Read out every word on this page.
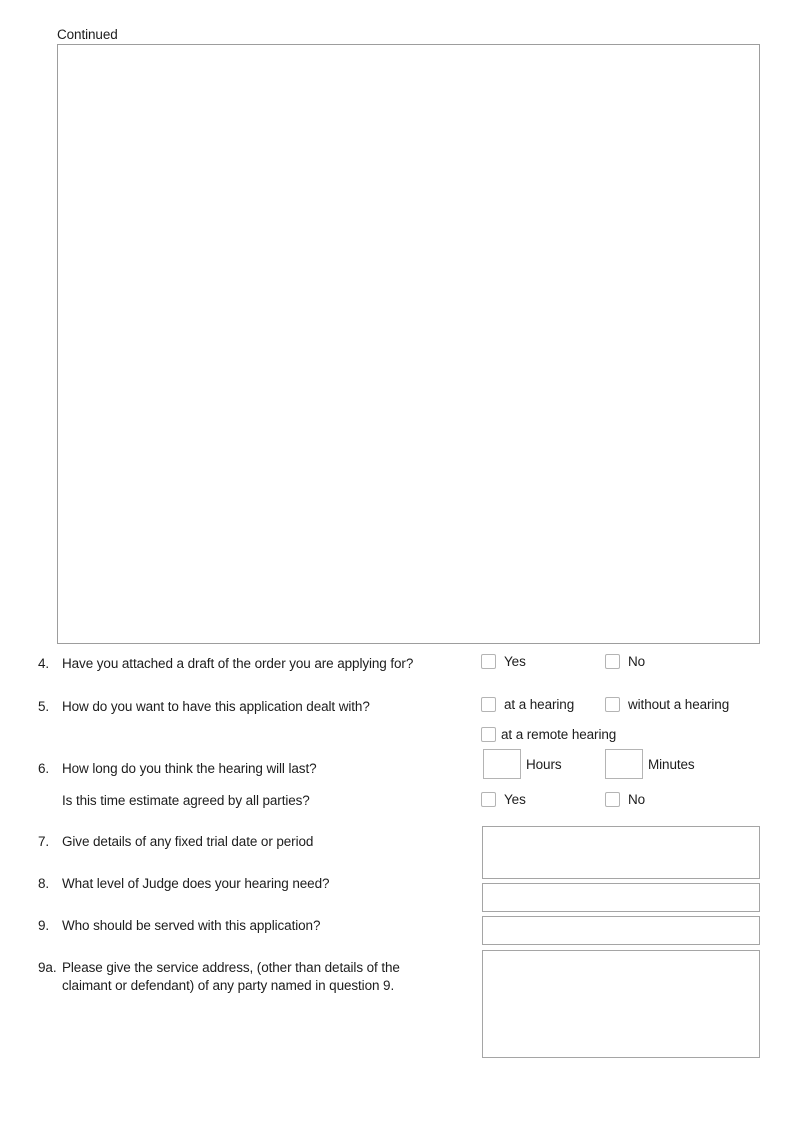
Continued
4. Have you attached a draft of the order you are applying for?	Yes	No
5. How do you want to have this application dealt with?	at a hearing	without a hearing
at a remote hearing
6. How long do you think the hearing will last?	Hours	Minutes
Is this time estimate agreed by all parties?	Yes	No
7. Give details of any fixed trial date or period
8. What level of Judge does your hearing need?
9. Who should be served with this application?
9a. Please give the service address, (other than details of the claimant or defendant) of any party named in question 9.
